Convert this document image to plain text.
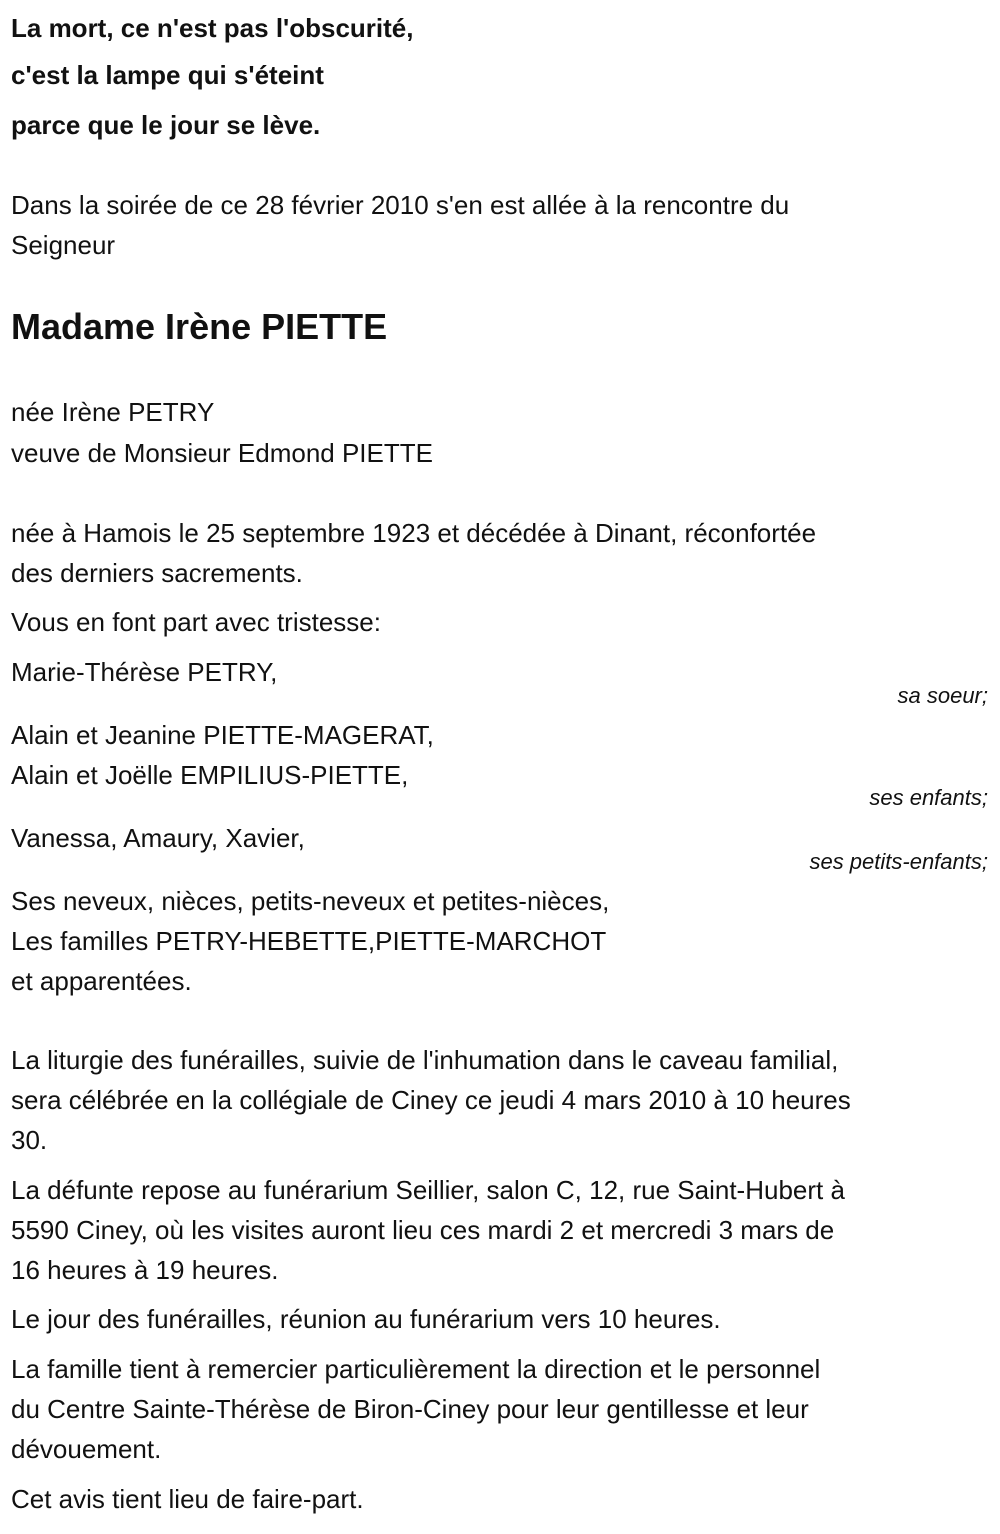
La mort, ce n'est pas l'obscurité,
c'est la lampe qui s'éteint
parce que le jour se lève.
Dans la soirée de ce 28 février 2010 s'en est allée à la rencontre du
Seigneur
Madame Irène PIETTE
née Irène PETRY
veuve de Monsieur Edmond PIETTE
née à Hamois le 25 septembre 1923 et décédée à Dinant, réconfortée
des derniers sacrements.
Vous en font part avec tristesse:
Marie-Thérèse PETRY,
sa soeur;
Alain et Jeanine PIETTE-MAGERAT,
Alain et Joëlle EMPILIUS-PIETTE,
ses enfants;
Vanessa, Amaury, Xavier,
ses petits-enfants;
Ses neveux, nièces, petits-neveux et petites-nièces,
Les familles PETRY-HEBETTE,PIETTE-MARCHOT
et apparentées.
La liturgie des funérailles, suivie de l'inhumation dans le caveau familial,
sera célébrée en la collégiale de Ciney ce jeudi 4 mars 2010 à 10 heures
30.
La défunte repose au funérarium Seillier, salon C, 12, rue Saint-Hubert à
5590 Ciney, où les visites auront lieu ces mardi 2 et mercredi 3 mars de
16 heures à 19 heures.
Le jour des funérailles, réunion au funérarium vers 10 heures.
La famille tient à remercier particulièrement la direction et le personnel
du Centre Sainte-Thérèse de Biron-Ciney pour leur gentillesse et leur
dévouement.
Cet avis tient lieu de faire-part.
